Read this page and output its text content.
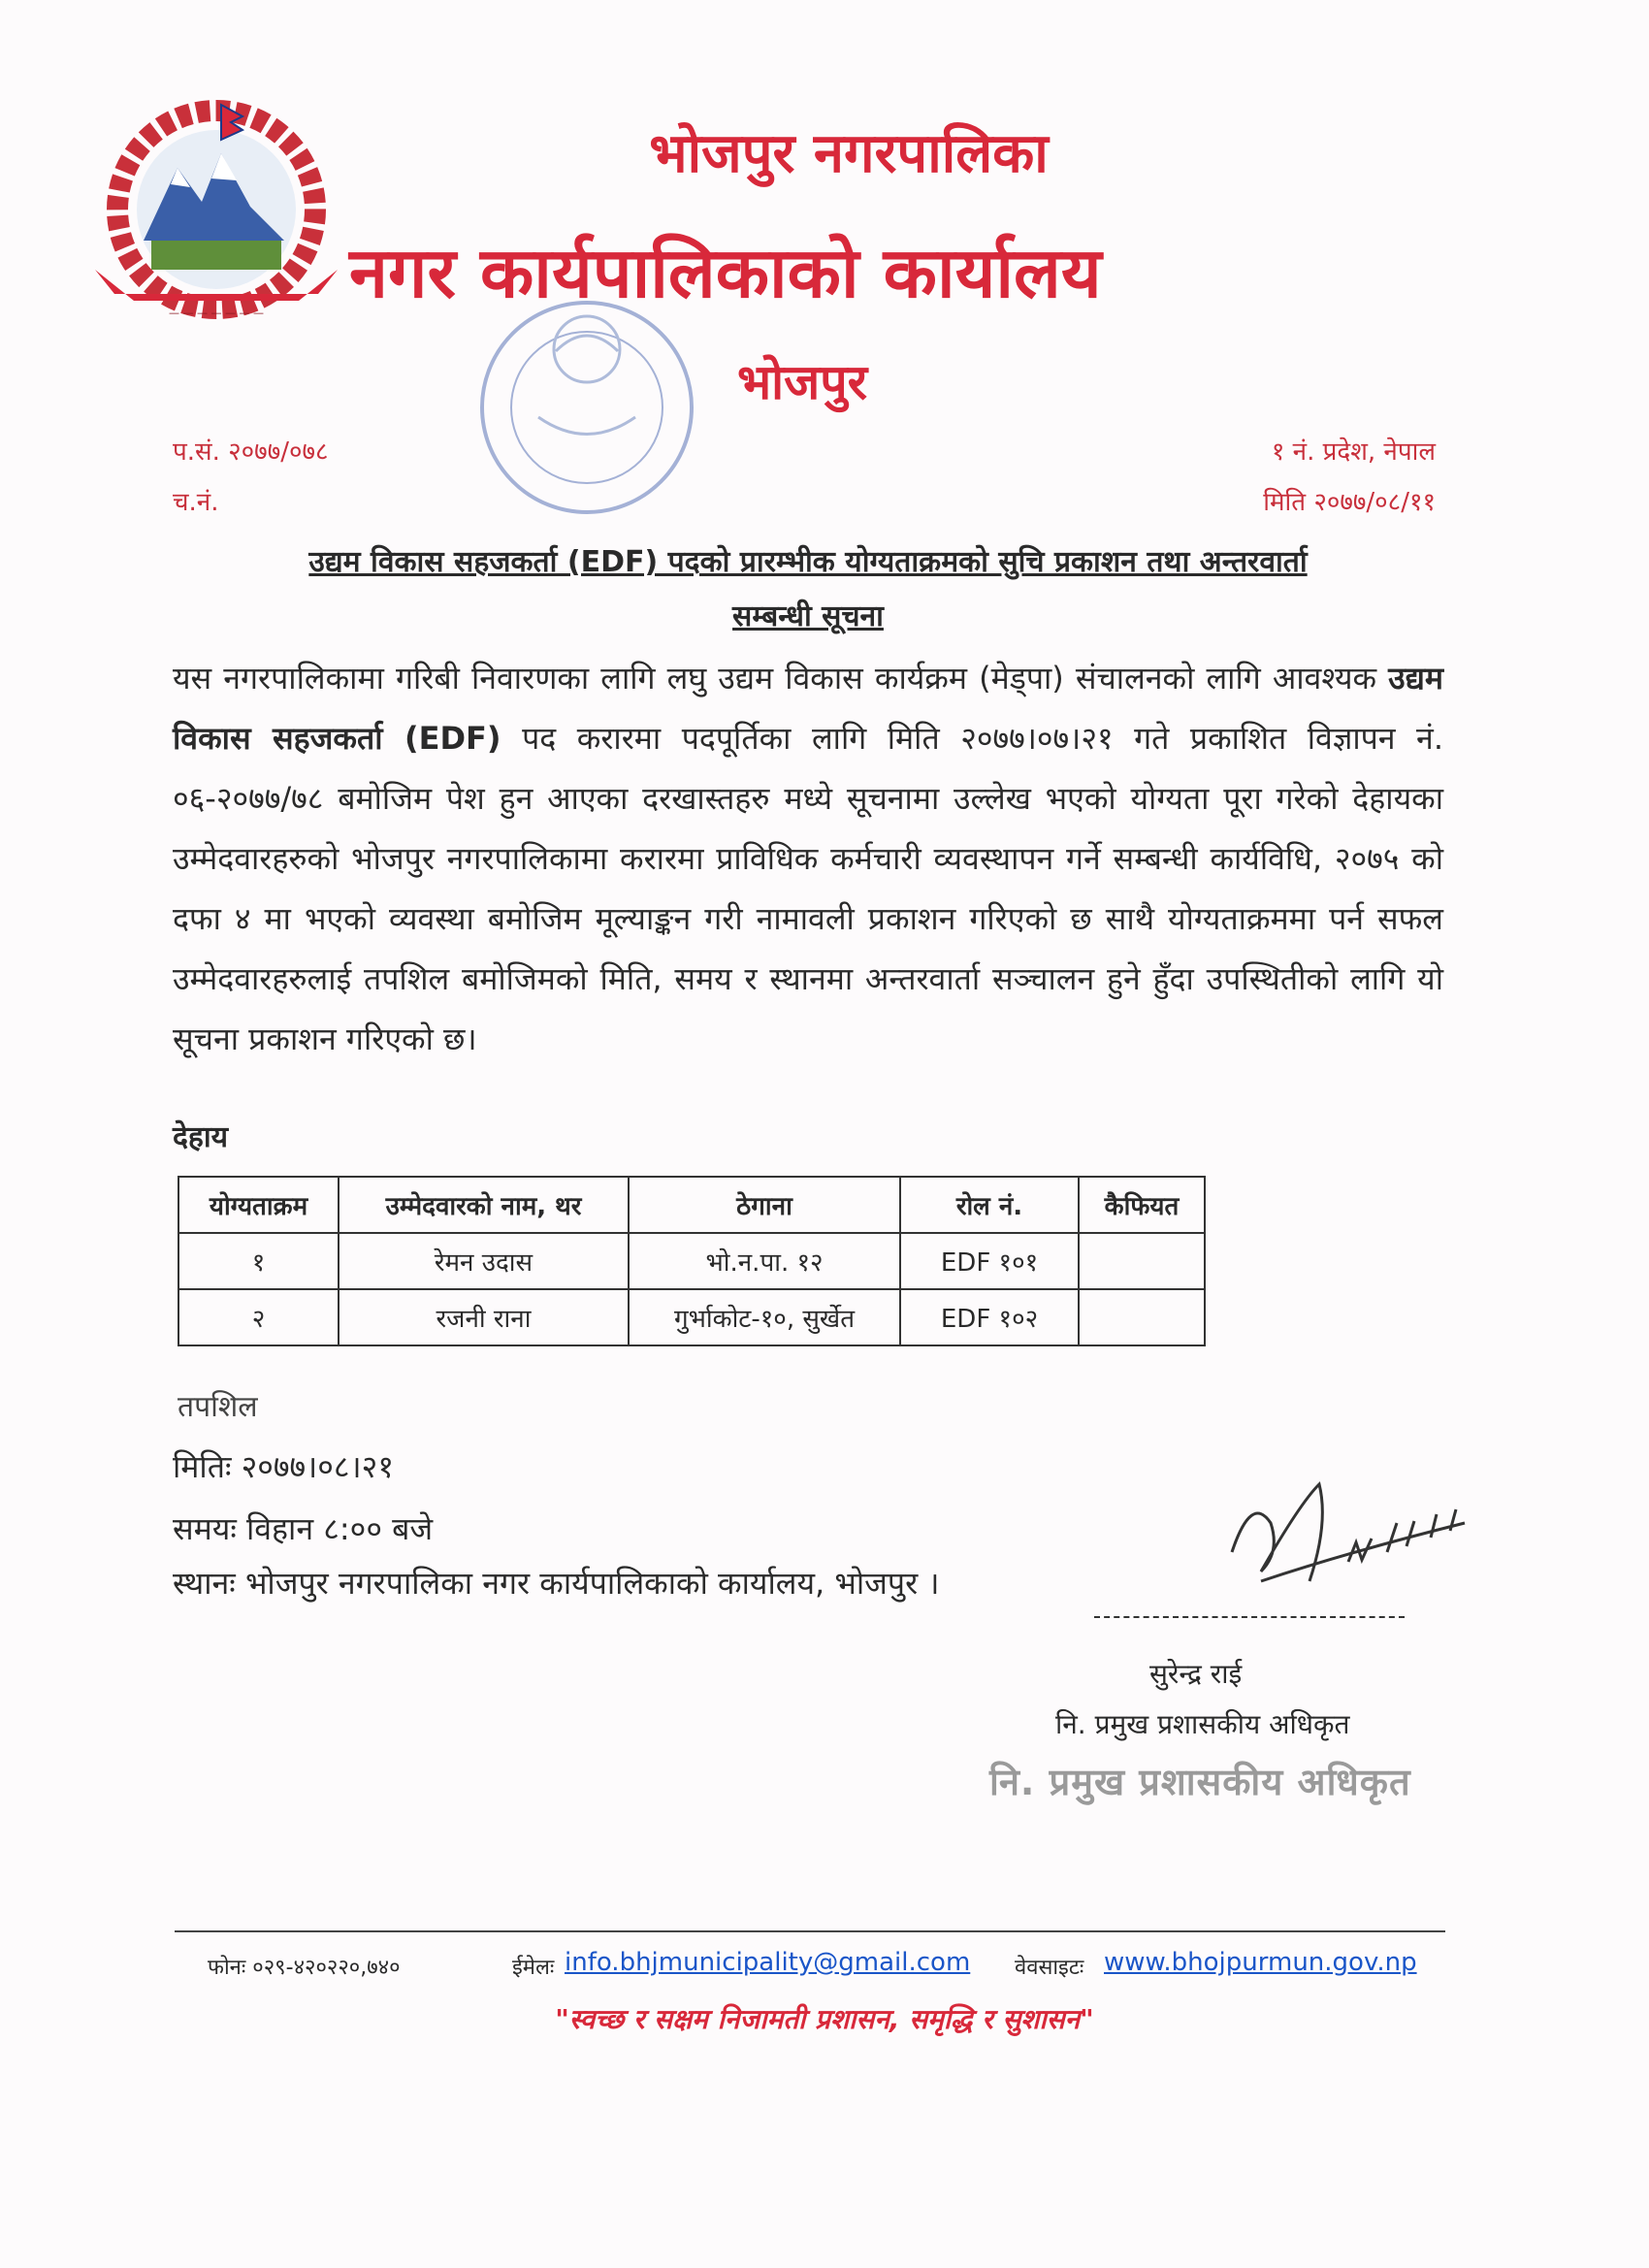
— — — — — — —
भोजपुर नगरपालिका
नगर कार्यपालिकाको कार्यालय
भोजपुर
प.सं. २०७७/०७८
च.नं.
१ नं. प्रदेश, नेपाल
मिति २०७७/०८/११
उद्यम विकास सहजकर्ता (EDF) पदको प्रारम्भीक योग्यताक्रमको सुचि प्रकाशन तथा अन्तरवार्ता
सम्बन्धी सूचना
यस नगरपालिकामा गरिबी निवारणका लागि लघु उद्यम विकास कार्यक्रम (मेड्पा) संचालनको लागि आवश्यक उद्यम विकास सहजकर्ता (EDF) पद करारमा पदपूर्तिका लागि मिति २०७७।०७।२१ गते प्रकाशित विज्ञापन नं. ०६-२०७७/७८ बमोजिम पेश हुन आएका दरखास्तहरु मध्ये सूचनामा उल्लेख भएको योग्यता पूरा गरेको देहायका उम्मेदवारहरुको भोजपुर नगरपालिकामा करारमा प्राविधिक कर्मचारी व्यवस्थापन गर्ने सम्बन्धी कार्यविधि, २०७५ को दफा ४ मा भएको व्यवस्था बमोजिम मूल्याङ्कन गरी नामावली प्रकाशन गरिएको छ साथै योग्यताक्रममा पर्न सफल उम्मेदवारहरुलाई तपशिल बमोजिमको मिति, समय र स्थानमा अन्तरवार्ता सञ्चालन हुने हुँदा उपस्थितीको लागि यो सूचना प्रकाशन गरिएको छ।
देहाय
योग्यताक्रम	उम्मेदवारको नाम, थर	ठेगाना	रोल नं.	कैफियत
१	रेमन उदास	भो.न.पा. १२	EDF १०१	
२	रजनी राना	गुर्भाकोट-१०, सुर्खेत	EDF १०२	
तपशिल
मितिः २०७७।०८।२१
समयः विहान ८:०० बजे
स्थानः भोजपुर नगरपालिका नगर कार्यपालिकाको कार्यालय, भोजपुर ।
सुरेन्द्र राई
नि. प्रमुख प्रशासकीय अधिकृत
नि. प्रमुख प्रशासकीय अधिकृत
फोनः ०२९-४२०२२०,७४०	ईमेलः info.bhjmunicipality@gmail.com वेवसाइटः www.bhojpurmun.gov.np
"स्वच्छ र सक्षम निजामती प्रशासन, समृद्धि र सुशासन"
